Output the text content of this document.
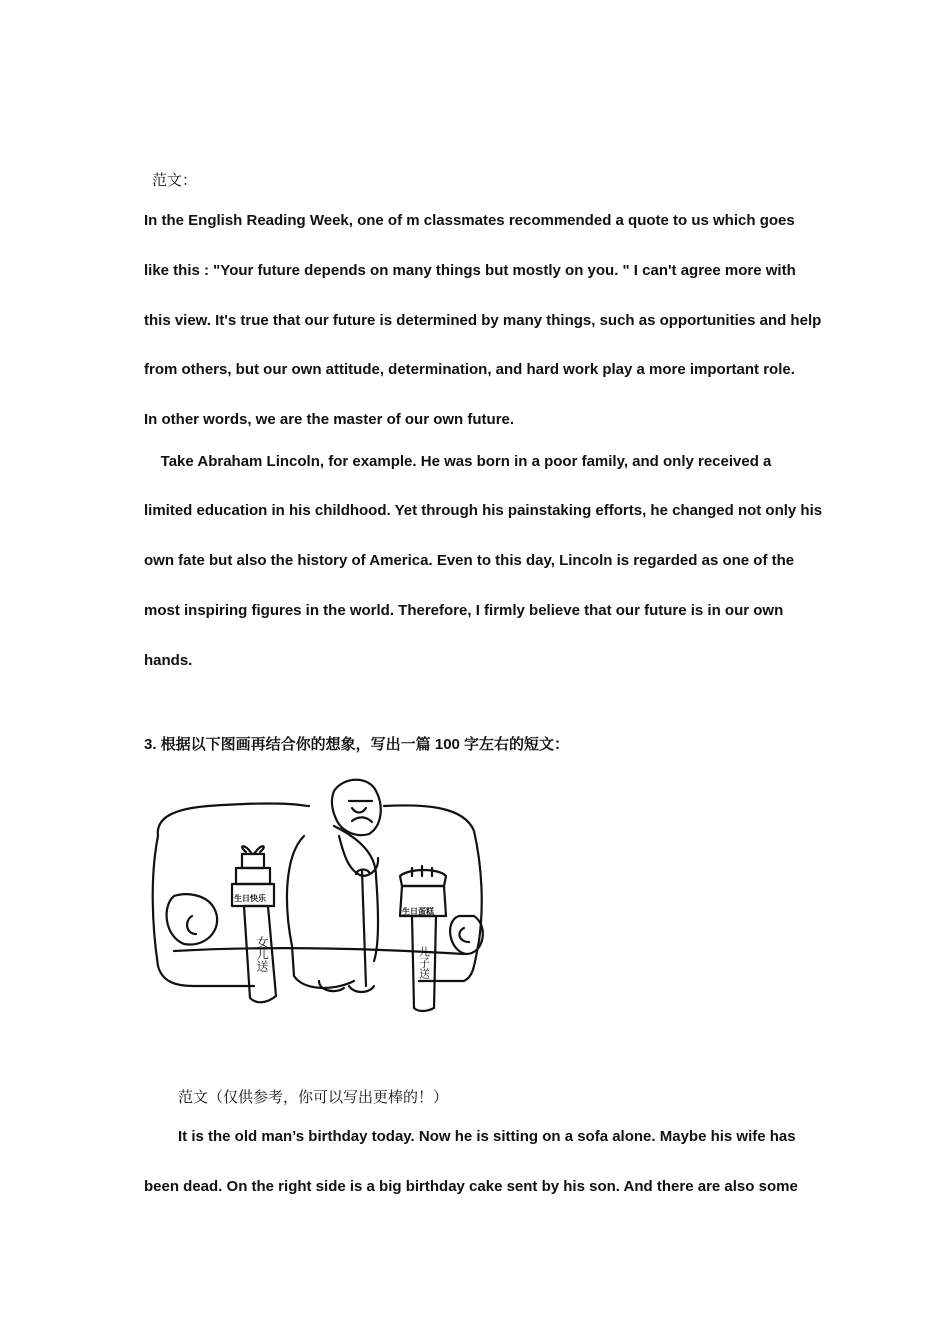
范文：
In the English Reading Week, one of m classmates recommended a quote to us which goes
like this : "Your future depends on many things but mostly on you. " I can't agree more with
this view. It's true that our future is determined by many things, such as opportunities and help
from others, but our own attitude, determination, and hard work play a more important role.
In other words, we are the master of our own future.
Take Abraham Lincoln, for example. He was born in a poor family, and only received a
limited education in his childhood. Yet through his painstaking efforts, he changed not only his
own fate but also the history of America. Even to this day, Lincoln is regarded as one of the
most inspiring figures in the world. Therefore, I firmly believe that our future is in our own
hands.
3. 根据以下图画再结合你的想象，写出一篇 100 字左右的短文：
生日快乐
女儿送
生日蛋糕
儿子送
范文（仅供参考，你可以写出更棒的！）
It is the old man’s birthday today. Now he is sitting on a sofa alone. Maybe his wife has
been dead. On the right side is a big birthday cake sent by his son. And there are also some
